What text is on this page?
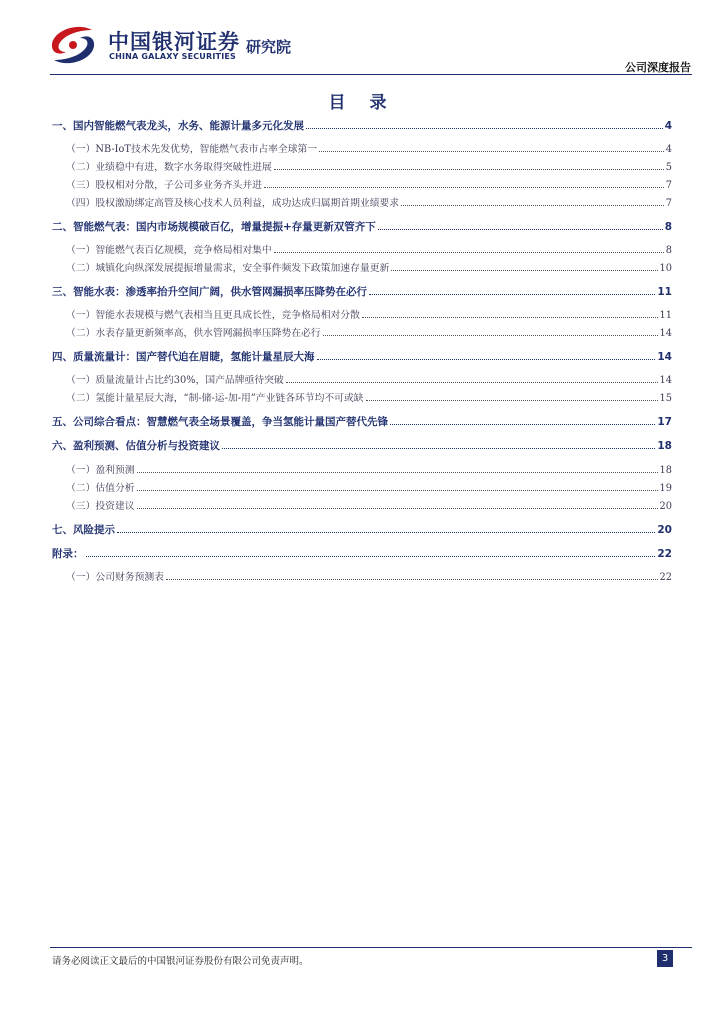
中国银河证券
CHINA GALAXY SECURITIES
研究院
公司深度报告
目 录
一、国内智能燃气表龙头，水务、能源计量多元化发展	4
（一）NB-IoT技术先发优势，智能燃气表市占率全球第一	4
（二）业绩稳中有进，数字水务取得突破性进展	5
（三）股权相对分散，子公司多业务齐头并进	7
（四）股权激励绑定高管及核心技术人员利益，成功达成归属期首期业绩要求	7
二、智能燃气表：国内市场规模破百亿，增量提振+存量更新双管齐下	8
（一）智能燃气表百亿规模，竞争格局相对集中	8
（二）城镇化向纵深发展提振增量需求，安全事件频发下政策加速存量更新	10
三、智能水表：渗透率抬升空间广阔，供水管网漏损率压降势在必行	11
（一）智能水表规模与燃气表相当且更具成长性，竞争格局相对分散	11
（二）水表存量更新频率高，供水管网漏损率压降势在必行	14
四、质量流量计：国产替代迫在眉睫，氢能计量星辰大海	14
（一）质量流量计占比约30%，国产品牌亟待突破	14
（二）氢能计量星辰大海，“制-储-运-加-用”产业链各环节均不可或缺	15
五、公司综合看点：智慧燃气表全场景覆盖，争当氢能计量国产替代先锋	17
六、盈利预测、估值分析与投资建议	18
（一）盈利预测	18
（二）估值分析	19
（三）投资建议	20
七、风险提示	20
附录：	22
（一）公司财务预测表	22
请务必阅读正文最后的中国银河证券股份有限公司免责声明。	3
